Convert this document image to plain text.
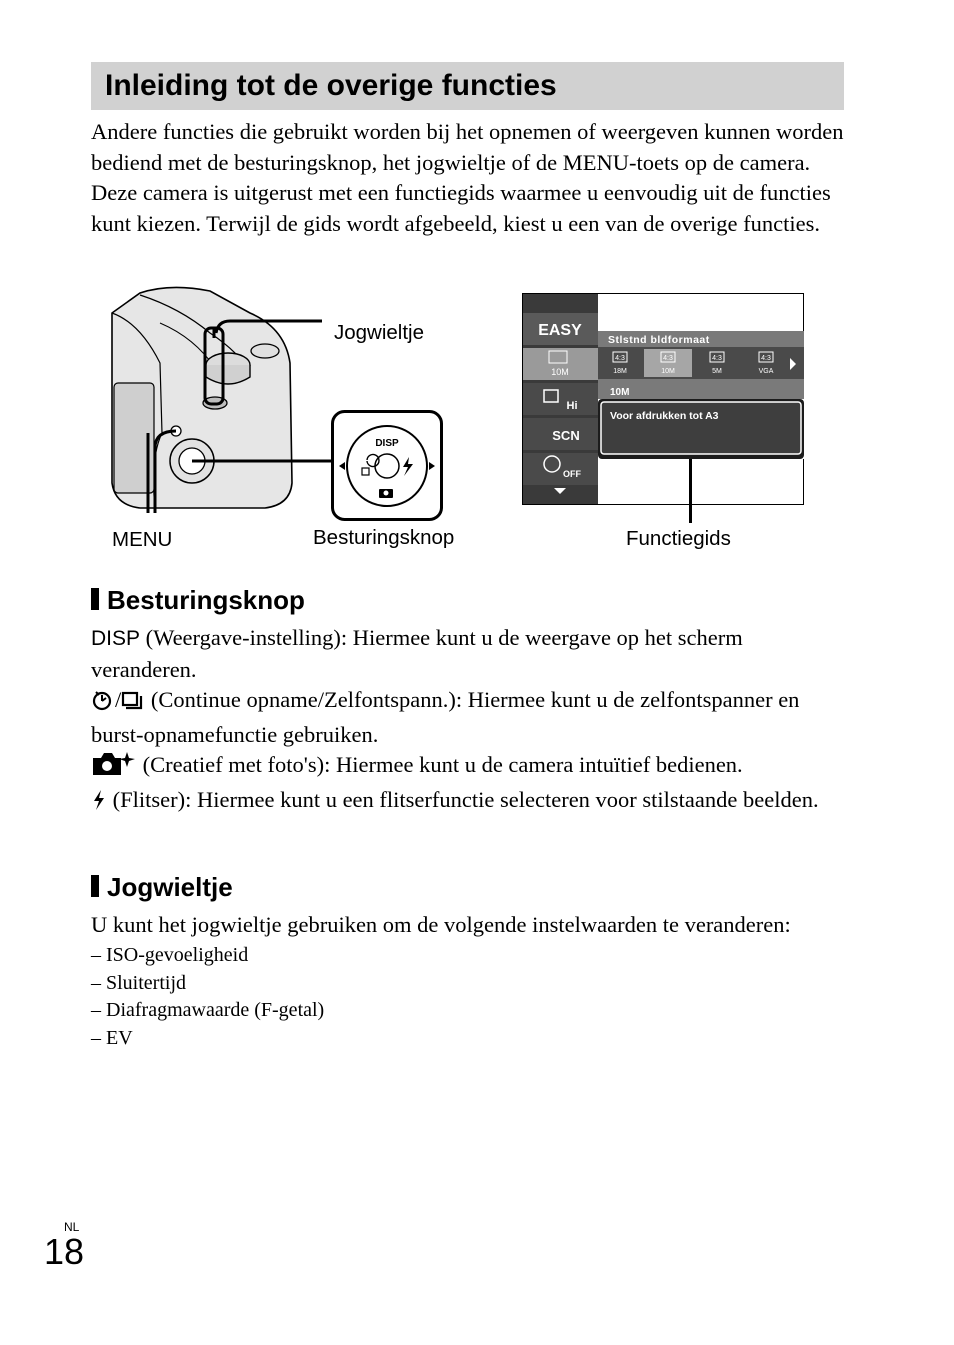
Inleiding tot de overige functies
Andere functies die gebruikt worden bij het opnemen of weergeven kunnen worden bediend met de besturingsknop, het jogwieltje of de MENU-toets op de camera. Deze camera is uitgerust met een functiegids waarmee u eenvoudig uit de functies kunt kiezen. Terwijl de gids wordt afgebeeld, kiest u een van de overige functies.
DISP
Jogwieltje
MENU	Besturingsknop	Functiegids
EASY
10M
Hi
SCN
OFF
Stlstnd bldformaat
4:3
18M
4:3
10M
4:3
5M
4:3
VGA
10M
Voor afdrukken tot A3
Besturingsknop

DISP (Weergave-instelling): Hiermee kunt u de weergave op het scherm veranderen.

/ (Continue opname/Zelfontspann.): Hiermee kunt u de zelfontspanner en burst-opnamefunctie gebruiken.

(Creatief met foto's): Hiermee kunt u de camera intuïtief bedienen.

(Flitser): Hiermee kunt u een flitserfunctie selecteren voor stilstaande beelden.

Jogwieltje
U kunt het jogwieltje gebruiken om de volgende instelwaarden te veranderen:
– ISO-gevoeligheid
– Sluitertijd
– Diafragmawaarde (F-getal)
– EV
NL
18
